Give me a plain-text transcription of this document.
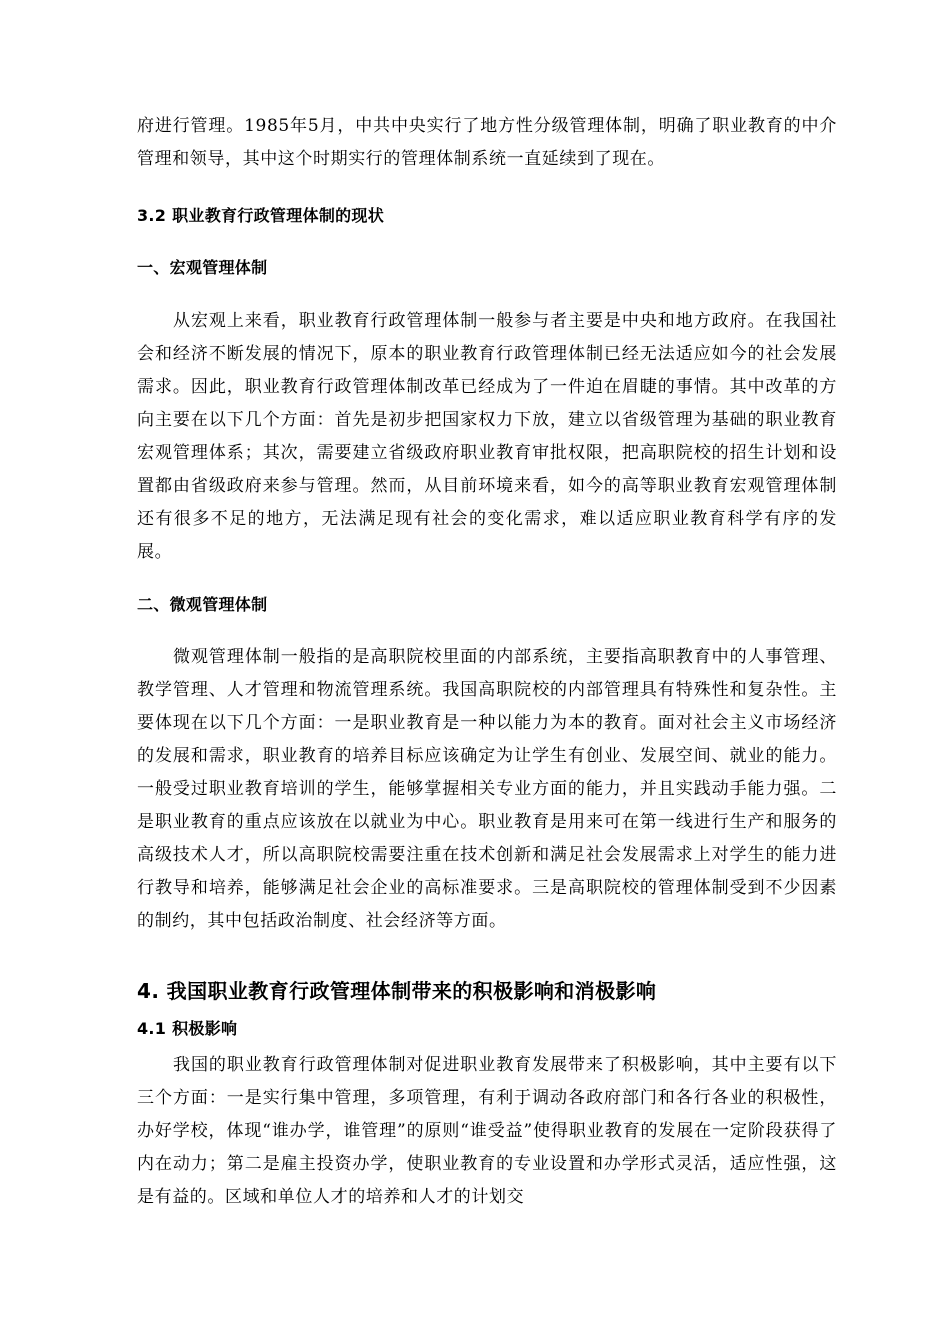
府进行管理。1985年5月，中共中央实行了地方性分级管理体制，明确了职业教育的中介管理和领导，其中这个时期实行的管理体制系统一直延续到了现在。

3.2 职业教育行政管理体制的现状
一、宏观管理体制

从宏观上来看，职业教育行政管理体制一般参与者主要是中央和地方政府。在我国社会和经济不断发展的情况下，原本的职业教育行政管理体制已经无法适应如今的社会发展需求。因此，职业教育行政管理体制改革已经成为了一件迫在眉睫的事情。其中改革的方向主要在以下几个方面：首先是初步把国家权力下放，建立以省级管理为基础的职业教育宏观管理体系；其次，需要建立省级政府职业教育审批权限，把高职院校的招生计划和设置都由省级政府来参与管理。然而，从目前环境来看，如今的高等职业教育宏观管理体制还有很多不足的地方，无法满足现有社会的变化需求，难以适应职业教育科学有序的发展。

二、微观管理体制

微观管理体制一般指的是高职院校里面的内部系统，主要指高职教育中的人事管理、教学管理、人才管理和物流管理系统。我国高职院校的内部管理具有特殊性和复杂性。主要体现在以下几个方面：一是职业教育是一种以能力为本的教育。面对社会主义市场经济的发展和需求，职业教育的培养目标应该确定为让学生有创业、发展空间、就业的能力。一般受过职业教育培训的学生，能够掌握相关专业方面的能力，并且实践动手能力强。二是职业教育的重点应该放在以就业为中心。职业教育是用来可在第一线进行生产和服务的高级技术人才，所以高职院校需要注重在技术创新和满足社会发展需求上对学生的能力进行教导和培养，能够满足社会企业的高标准要求。三是高职院校的管理体制受到不少因素的制约，其中包括政治制度、社会经济等方面。

4. 我国职业教育行政管理体制带来的积极影响和消极影响
4.1 积极影响

我国的职业教育行政管理体制对促进职业教育发展带来了积极影响，其中主要有以下三个方面：一是实行集中管理，多项管理，有利于调动各政府部门和各行各业的积极性，办好学校，体现“谁办学，谁管理”的原则“谁受益”使得职业教育的发展在一定阶段获得了内在动力；第二是雇主投资办学，使职业教育的专业设置和办学形式灵活，适应性强，这是有益的。区域和单位人才的培养和人才的计划交
